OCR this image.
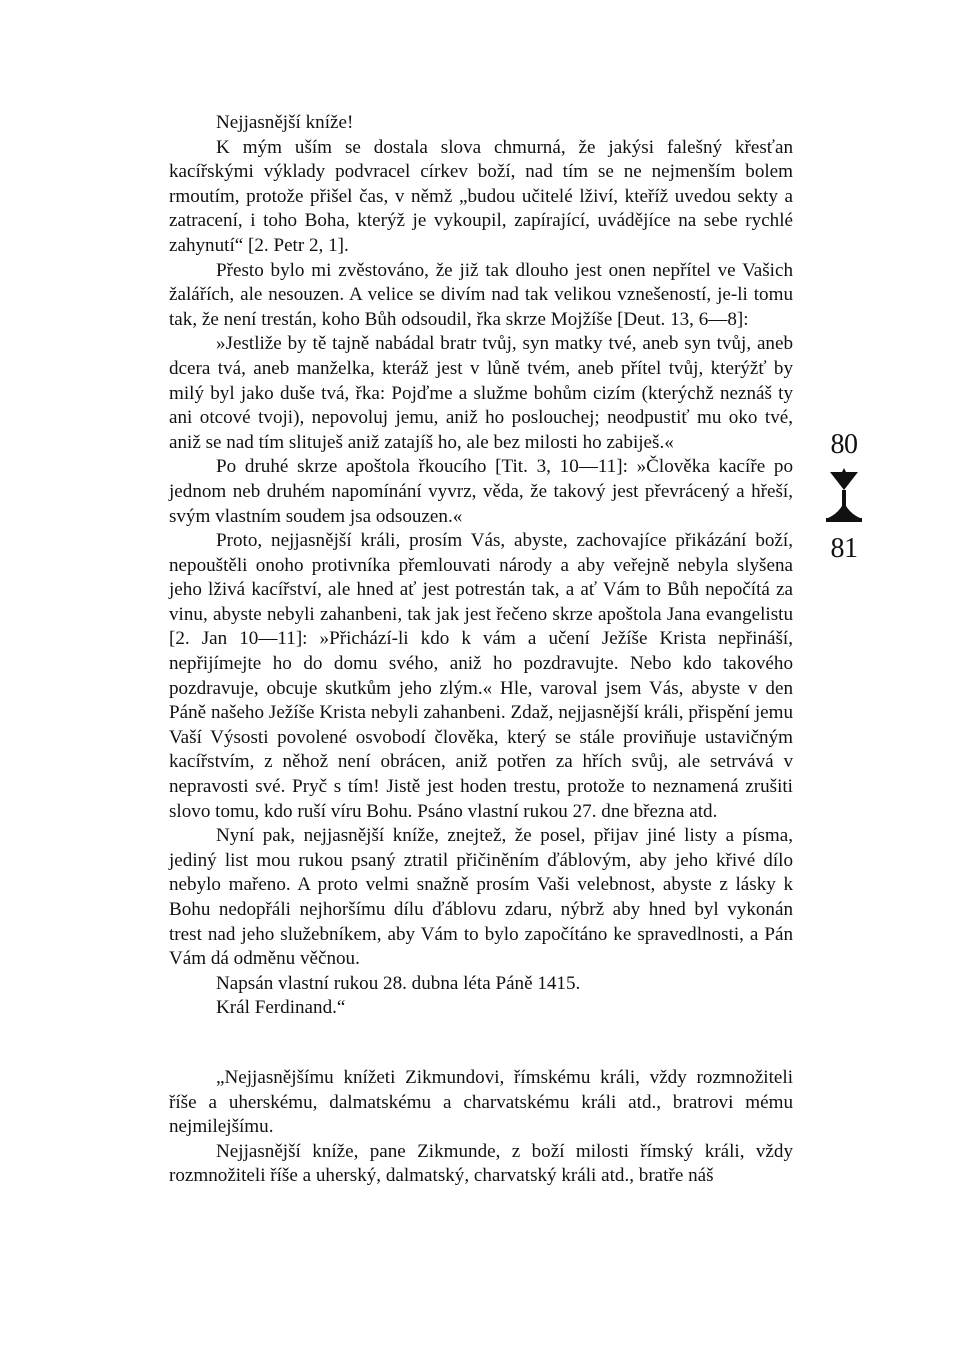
Nejjasnější kníže!

K mým uším se dostala slova chmurná, že jakýsi falešný křesťan kacířskými výklady podvracel církev boží, nad tím se ne nejmenším bolem rmoutím, protože přišel čas, v němž „budou učitelé lživí, kteříž uvedou sekty a zatracení, i toho Boha, kterýž je vykoupil, zapírající, uvádějíce na sebe rychlé zahynutí“ [2. Petr 2, 1].

Přesto bylo mi zvěstováno, že již tak dlouho jest onen nepřítel ve Vašich žalářích, ale nesouzen. A velice se divím nad tak velikou vznešeností, je-li tomu tak, že není trestán, koho Bůh odsoudil, řka skrze Mojžíše [Deut. 13, 6—8]:

»Jestliže by tě tajně nabádal bratr tvůj, syn matky tvé, aneb syn tvůj, aneb dcera tvá, aneb manželka, kteráž jest v lůně tvém, aneb přítel tvůj, kterýžť by milý byl jako duše tvá, řka: Pojďme a služme bohům cizím (kterýchž neznáš ty ani otcové tvoji), nepovoluj jemu, aniž ho poslouchej; neodpustiť mu oko tvé, aniž se nad tím slituješ aniž zatajíš ho, ale bez milosti ho zabiješ.«

Po druhé skrze apoštola řkoucího [Tit. 3, 10—11]: »Člověka kacíře po jednom neb druhém napomínání vyvrz, věda, že takový jest převrácený a hřeší, svým vlastním soudem jsa odsouzen.«

Proto, nejjasnější králi, prosím Vás, abyste, zachovajíce přikázání boží, nepouštěli onoho protivníka přemlouvati národy a aby veřejně nebyla slyšena jeho lživá kacířství, ale hned ať jest potrestán tak, a ať Vám to Bůh nepočítá za vinu, abyste nebyli zahanbeni, tak jak jest řečeno skrze apoštola Jana evangelistu [2. Jan 10—11]: »Přichází-li kdo k vám a učení Ježíše Krista nepřináší, nepřijímejte ho do domu svého, aniž ho pozdravujte. Nebo kdo takového pozdravuje, obcuje skutkům jeho zlým.« Hle, varoval jsem Vás, abyste v den Páně našeho Ježíše Krista nebyli zahanbeni. Zdaž, nejjasnější králi, přispění jemu Vaší Výsosti povolené osvobodí člověka, který se stále proviňuje ustavičným kacířstvím, z něhož není obrácen, aniž potřen za hřích svůj, ale setrvává v nepravosti své. Pryč s tím! Jistě jest hoden trestu, protože to neznamená zrušiti slovo tomu, kdo ruší víru Bohu. Psáno vlastní rukou 27. dne března atd.

Nyní pak, nejjasnější kníže, znejtež, že posel, přijav jiné listy a písma, jediný list mou rukou psaný ztratil přičiněním ďáblovým, aby jeho křivé dílo nebylo mařeno. A proto velmi snažně prosím Vaši velebnost, abyste z lásky k Bohu nedopřáli nejhoršímu dílu ďáblovu zdaru, nýbrž aby hned byl vykonán trest nad jeho služebníkem, aby Vám to bylo započítáno ke spravedlnosti, a Pán Vám dá odměnu věčnou.

Napsán vlastní rukou 28. dubna léta Páně 1415.

Král Ferdinand.“

„Nejjasnějšímu knížeti Zikmundovi, římskému králi, vždy rozmnožiteli říše a uherskému, dalmatskému a charvatskému králi atd., bratrovi mému nejmilejšímu.

Nejjasnější kníže, pane Zikmunde, z boží milosti římský králi, vždy rozmnožiteli říše a uherský, dalmatský, charvatský králi atd., bratře náš

80
81
